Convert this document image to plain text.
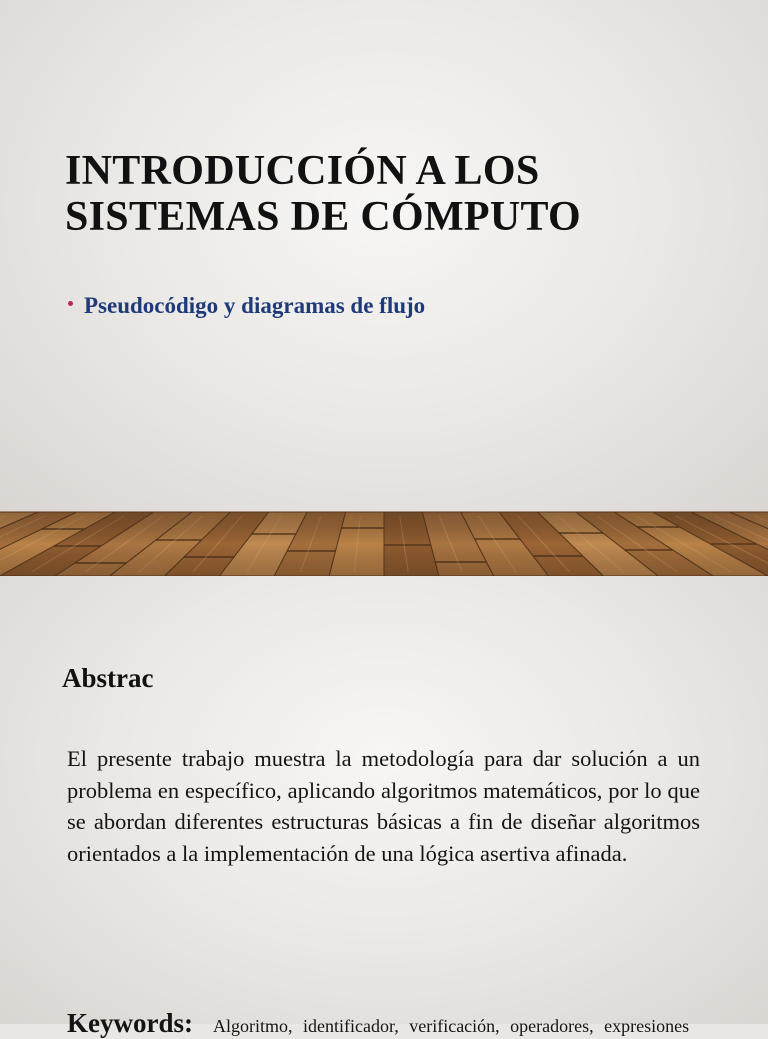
INTRODUCCIÓN A LOS
SISTEMAS DE CÓMPUTO
Pseudocódigo y diagramas de flujo
Abstrac

El presente trabajo muestra la metodología para dar solución a un problema en específico, aplicando algoritmos matemáticos, por lo que se abordan diferentes estructuras básicas a fin de diseñar algoritmos orientados a la implementación de una lógica asertiva afinada.

Keywords: Algoritmo, identificador, verificación, operadores, expresiones
